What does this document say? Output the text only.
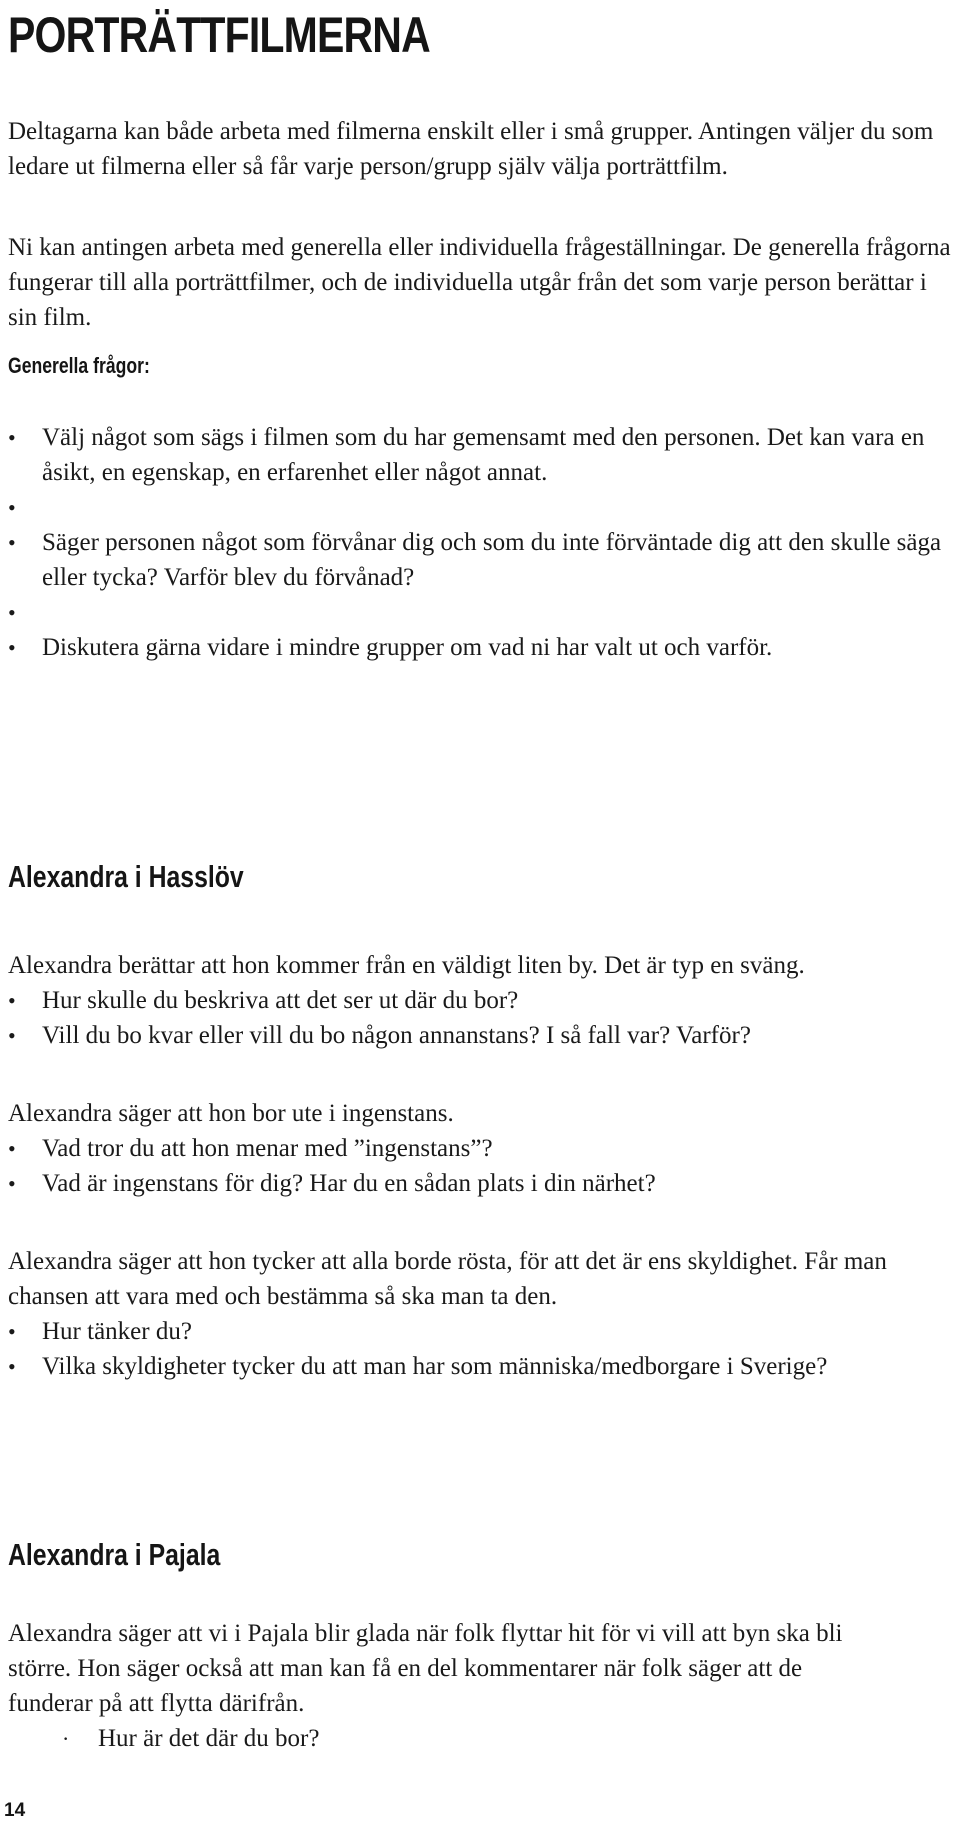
PORTRÄTTFILMERNA

Deltagarna kan både arbeta med filmerna enskilt eller i små grupper. Antingen väljer du som ledare ut filmerna eller så får varje person/grupp själv välja porträttfilm.

Ni kan antingen arbeta med generella eller individuella frågeställningar. De generella frågorna fungerar till alla porträttfilmer, och de individuella utgår från det som varje person berättar i sin film.

Generella frågor:
•	Välj något som sägs i filmen som du har gemensamt med den personen. Det kan vara en åsikt, en egenskap, en erfarenhet eller något annat.
•
•	Säger personen något som förvånar dig och som du inte förväntade dig att den skulle säga eller tycka? Varför blev du förvånad?
•
•	Diskutera gärna vidare i mindre grupper om vad ni har valt ut och varför.
Alexandra i Hasslöv

Alexandra berättar att hon kommer från en väldigt liten by. Det är typ en sväng.

•	Hur skulle du beskriva att det ser ut där du bor?
•	Vill du bo kvar eller vill du bo någon annanstans? I så fall var? Varför?

Alexandra säger att hon bor ute i ingenstans.

•	Vad tror du att hon menar med ”ingenstans”?
•	Vad är ingenstans för dig? Har du en sådan plats i din närhet?

Alexandra säger att hon tycker att alla borde rösta, för att det är ens skyldighet. Får man chansen att vara med och bestämma så ska man ta den.

•	Hur tänker du?
•	Vilka skyldigheter tycker du att man har som människa/medborgare i Sverige?
Alexandra i Pajala

Alexandra säger att vi i Pajala blir glada när folk flyttar hit för vi vill att byn ska bli större. Hon säger också att man kan få en del kommentarer när folk säger att de funderar på att flytta därifrån.

·	Hur är det där du bor?
14
